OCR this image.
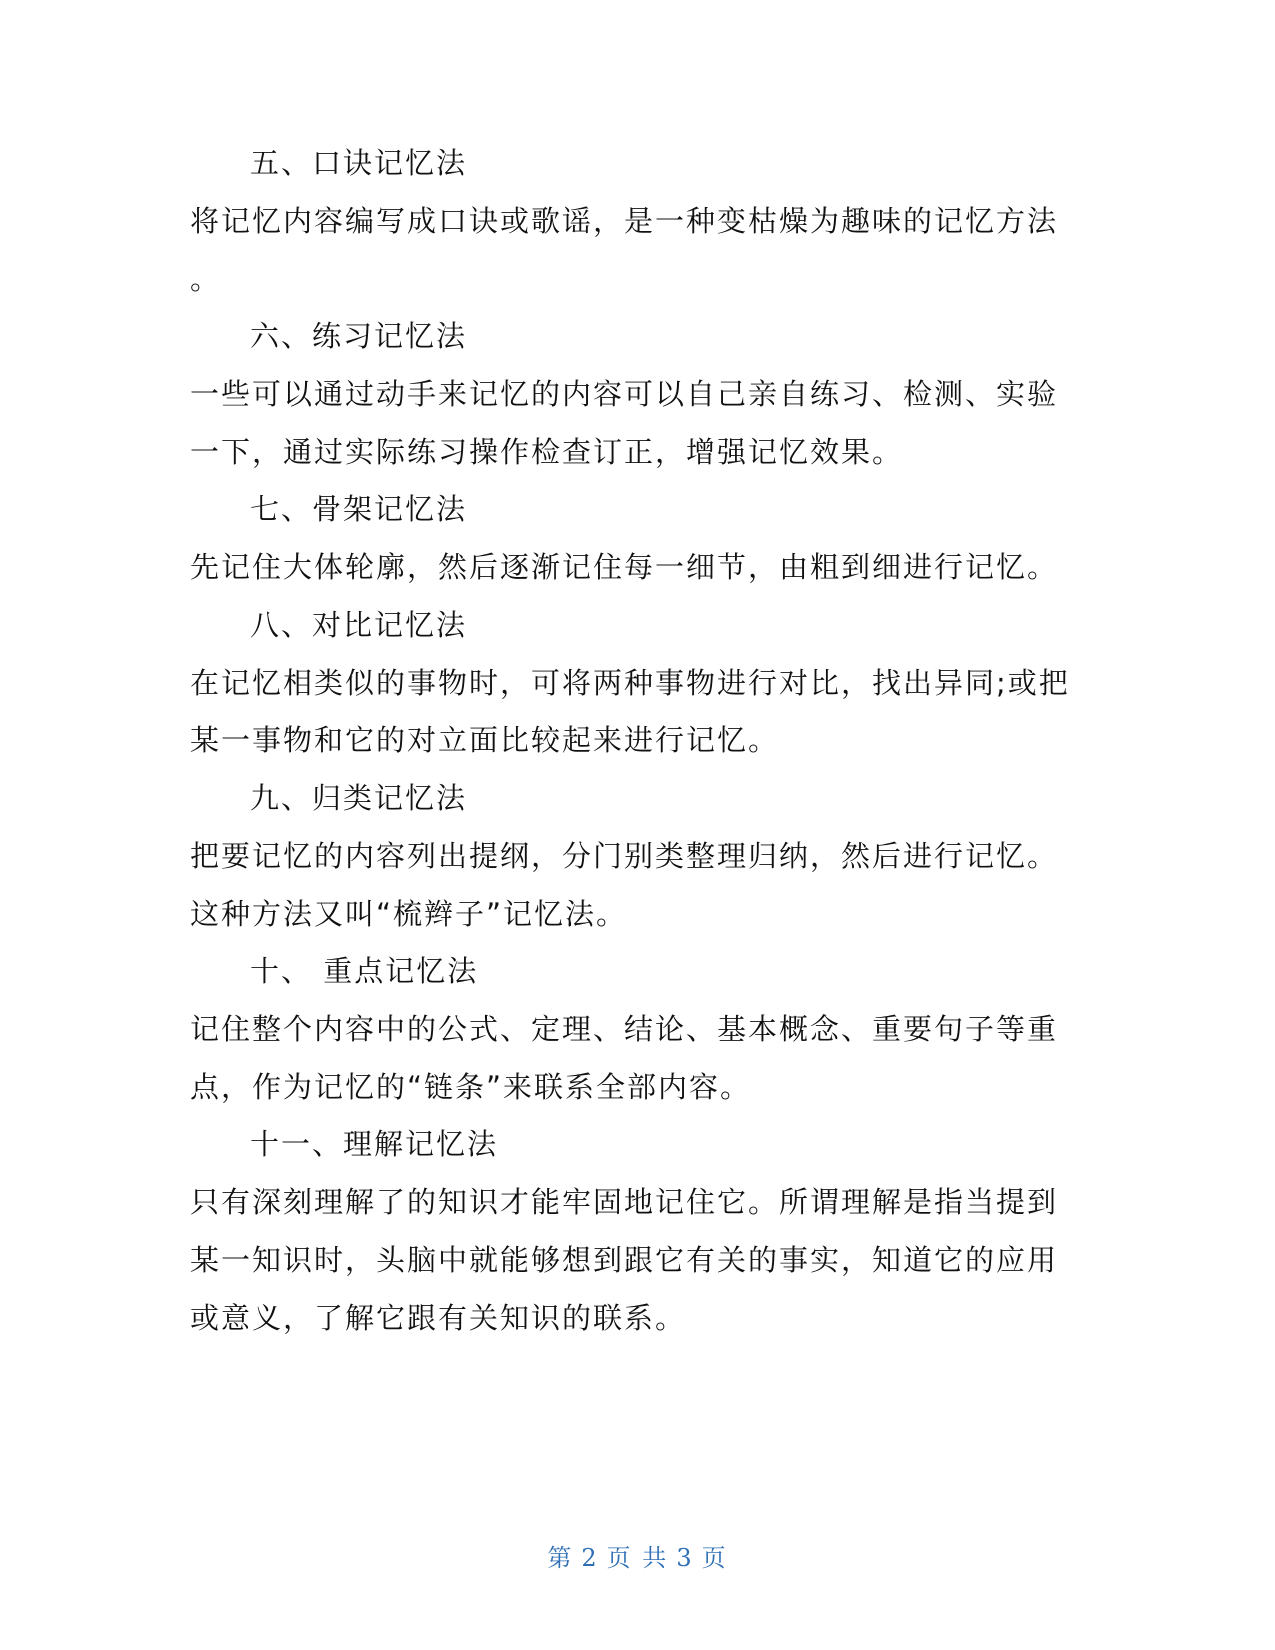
五、口诀记忆法
将记忆内容编写成口诀或歌谣，是一种变枯燥为趣味的记忆方法
。
六、练习记忆法
一些可以通过动手来记忆的内容可以自己亲自练习、检测、实验
一下，通过实际练习操作检查订正，增强记忆效果。
七、骨架记忆法
先记住大体轮廓，然后逐渐记住每一细节，由粗到细进行记忆。
八、对比记忆法
在记忆相类似的事物时，可将两种事物进行对比，找出异同;或把
某一事物和它的对立面比较起来进行记忆。
九、归类记忆法
把要记忆的内容列出提纲，分门别类整理归纳，然后进行记忆。
这种方法又叫“梳辫子”记忆法。
十、 重点记忆法
记住整个内容中的公式、定理、结论、基本概念、重要句子等重
点，作为记忆的“链条”来联系全部内容。
十一、理解记忆法
只有深刻理解了的知识才能牢固地记住它。所谓理解是指当提到
某一知识时，头脑中就能够想到跟它有关的事实，知道它的应用
或意义，了解它跟有关知识的联系。
第 2 页 共 3 页
